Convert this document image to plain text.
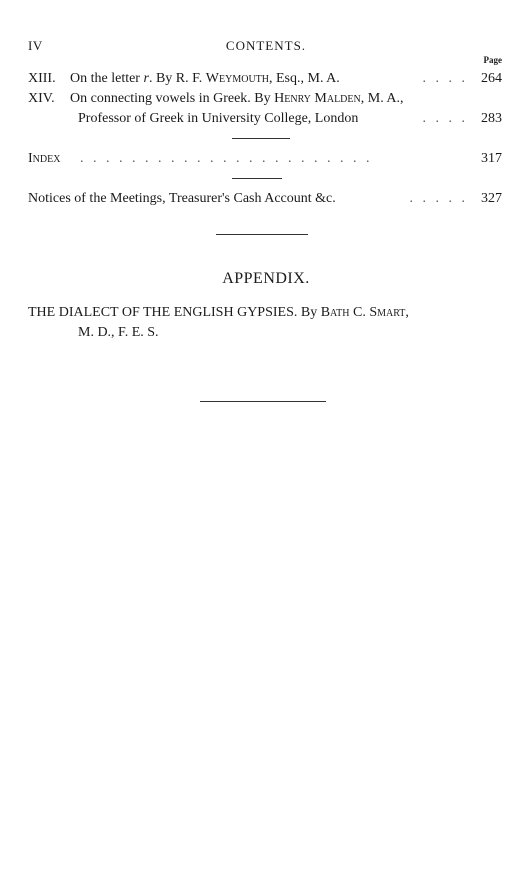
IV	CONTENTS.
Page
XIII. On the letter r. By R. F. Weymouth, Esq., M. A.	. . . . 264
XIV. On connecting vowels in Greek. By Henry Malden, M. A.,
Professor of Greek in University College, London	. . . . 283
Index . . . . . . . . . . . . . . . . . . . . . . .	317
Notices of the Meetings, Treasurer's Cash Account &c.	. . . . . 327
APPENDIX.
THE DIALECT OF THE ENGLISH GYPSIES. By Bath C. Smart,
M. D., F. E. S.
